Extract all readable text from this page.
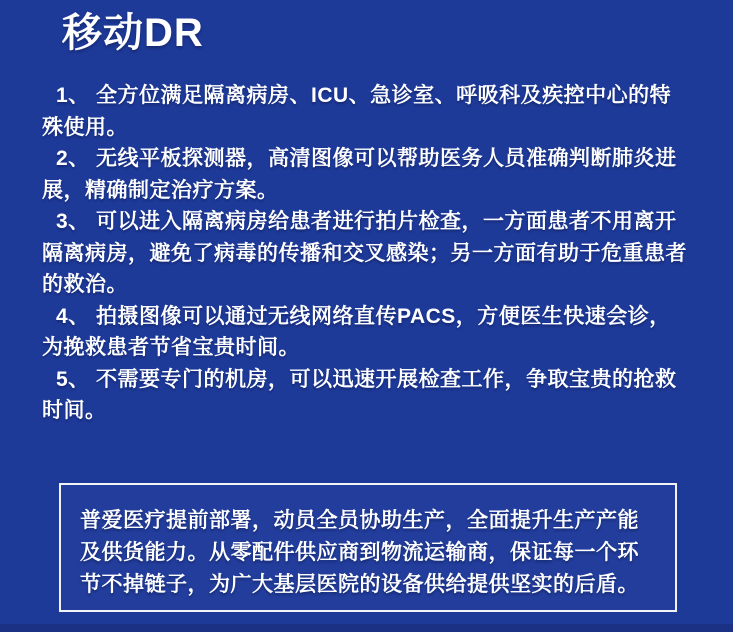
移动DR

1、 全方位满足隔离病房、ICU、急诊室、呼吸科及疾控中心的特殊使用。

2、 无线平板探测器，高清图像可以帮助医务人员准确判断肺炎进展，精确制定治疗方案。

3、 可以进入隔离病房给患者进行拍片检查，一方面患者不用离开隔离病房，避免了病毒的传播和交叉感染；另一方面有助于危重患者的救治。

4、 拍摄图像可以通过无线网络直传PACS，方便医生快速会诊，为挽救患者节省宝贵时间。

5、 不需要专门的机房，可以迅速开展检查工作，争取宝贵的抢救时间。

普爱医疗提前部署，动员全员协助生产，全面提升生产产能及供货能力。从零配件供应商到物流运输商，保证每一个环节不掉链子，为广大基层医院的设备供给提供坚实的后盾。
